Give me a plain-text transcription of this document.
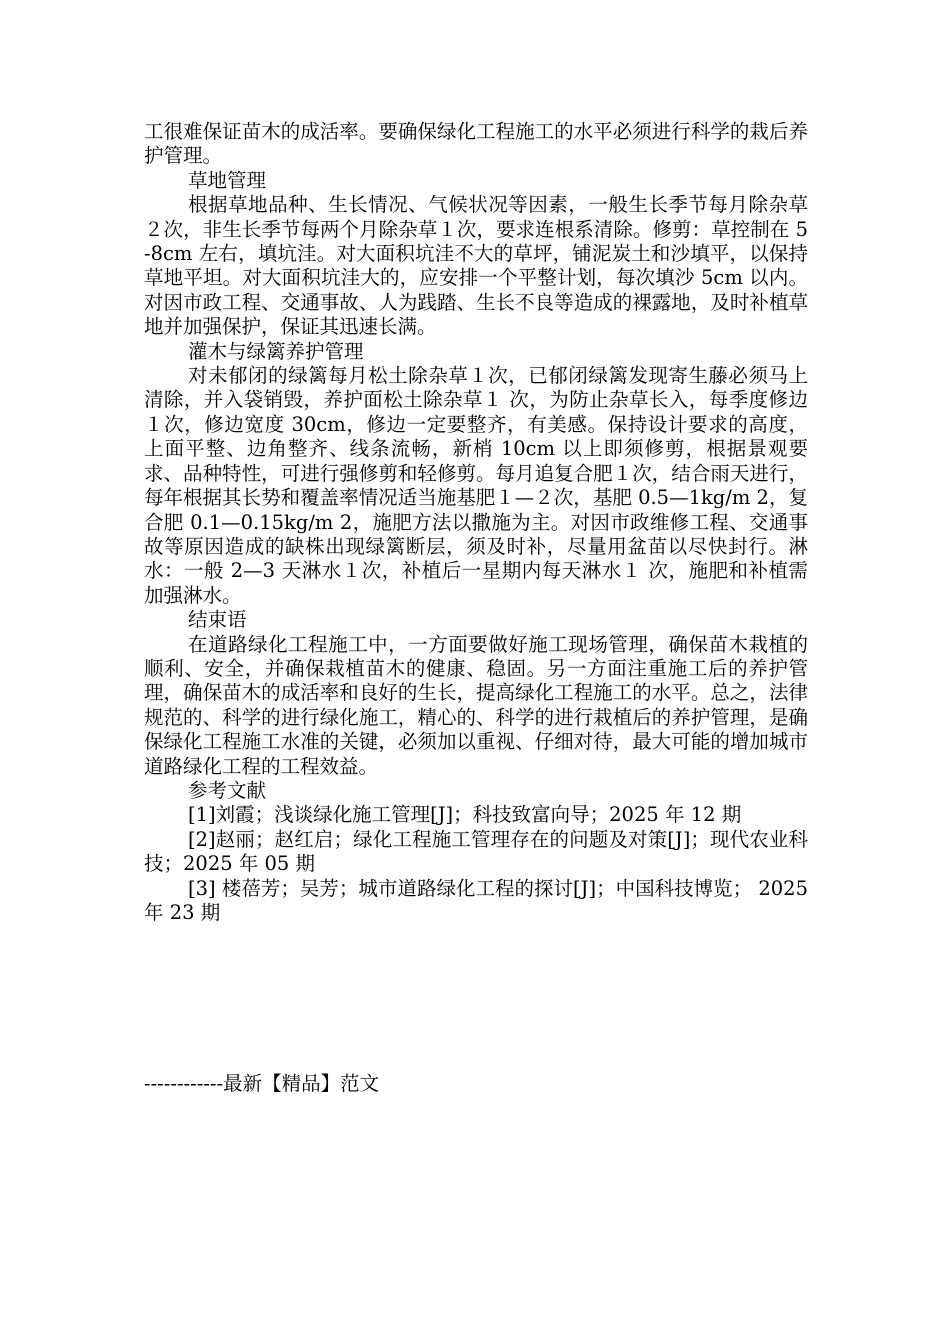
工很难保证苗木的成活率。要确保绿化工程施工的水平必须进行科学的栽后养护管理。

草地管理

根据草地品种、生长情况、气候状况等因素，一般生长季节每月除杂草２次，非生长季节每两个月除杂草１次，要求连根系清除。修剪：草控制在 5-8cm 左右，填坑洼。对大面积坑洼不大的草坪，铺泥炭土和沙填平，以保持草地平坦。对大面积坑洼大的，应安排一个平整计划，每次填沙 5cm 以内。对因市政工程、交通事故、人为践踏、生长不良等造成的裸露地，及时补植草地并加强保护，保证其迅速长满。

灌木与绿篱养护管理

对未郁闭的绿篱每月松土除杂草１次，已郁闭绿篱发现寄生藤必须马上清除，并入袋销毁，养护面松土除杂草１ 次，为防止杂草长入，每季度修边１次，修边宽度 30cm，修边一定要整齐，有美感。保持设计要求的高度，上面平整、边角整齐、线条流畅，新梢 10cm 以上即须修剪，根据景观要求、品种特性，可进行强修剪和轻修剪。每月追复合肥１次，结合雨天进行，每年根据其长势和覆盖率情况适当施基肥１—２次，基肥 0.5—1kg/m 2，复合肥 0.1—0.15kg/m 2，施肥方法以撒施为主。对因市政维修工程、交通事故等原因造成的缺株出现绿篱断层，须及时补，尽量用盆苗以尽快封行。淋水：一般 2—3 天淋水１次，补植后一星期内每天淋水１ 次，施肥和补植需加强淋水。

结束语

在道路绿化工程施工中，一方面要做好施工现场管理，确保苗木栽植的顺利、安全，并确保栽植苗木的健康、稳固。另一方面注重施工后的养护管理，确保苗木的成活率和良好的生长，提高绿化工程施工的水平。总之，法律规范的、科学的进行绿化施工，精心的、科学的进行栽植后的养护管理，是确保绿化工程施工水准的关键，必须加以重视、仔细对待，最大可能的增加城市道路绿化工程的工程效益。

参考文献

[1]刘霞；浅谈绿化施工管理[J]；科技致富向导；2025 年 12 期

[2]赵丽；赵红启；绿化工程施工管理存在的问题及对策[J]；现代农业科技；2025 年 05 期

[3] 楼蓓芳；吴芳；城市道路绿化工程的探讨[J]；中国科技博览； 2025 年 23 期

------------最新【精品】范文
